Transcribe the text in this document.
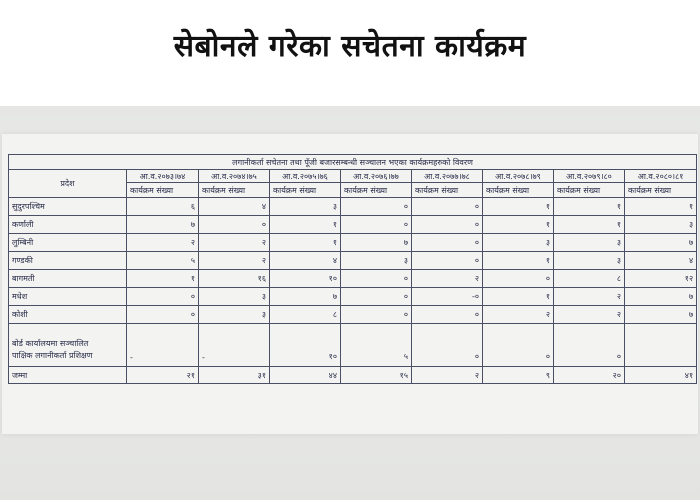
सेबोनले गरेका सचेतना कार्यक्रम
लगानीकर्ता सचेतना तथा पूँजी बजारसम्बन्धी सञ्चालन भएका कार्यक्रमहरुको विवरण								
प्रदेश	आ.व.२०७३।७४	आ.व.२०७४।७५	आ.व.२०७५।७६	आ.व.२०७६।७७	आ.व.२०७७।७८	आ.व.२०७८।७९	आ.व.२०७९।८०	आ.व.२०८०।८१
	कार्यक्रम संख्या	कार्यक्रम संख्या	कार्यक्रम संख्या	कार्यक्रम संख्या	कार्यक्रम संख्या	कार्यक्रम संख्या	कार्यक्रम संख्या	कार्यक्रम संख्या
सुदुरपश्चिम	६	४	३	०	०	१	१	१
कर्णाली	७	०	१	०	०	१	१	३
लुम्बिनी	२	२	१	७	०	३	३	७
गण्डकी	५	२	४	३	०	१	३	४
बागमती	१	१६	१०	०	२	०	८	१२
मधेश	०	३	७	०	-०	१	२	७
कोशी	०	३	८	०	०	२	२	७

बोर्ड कार्यालयमा सञ्चालित
पाक्षिक लगानीकर्ता प्रशिक्षण	-	-	१०	५	०	०	०	
जम्मा	२१	३१	४४	१५	२	९	२०	४१
